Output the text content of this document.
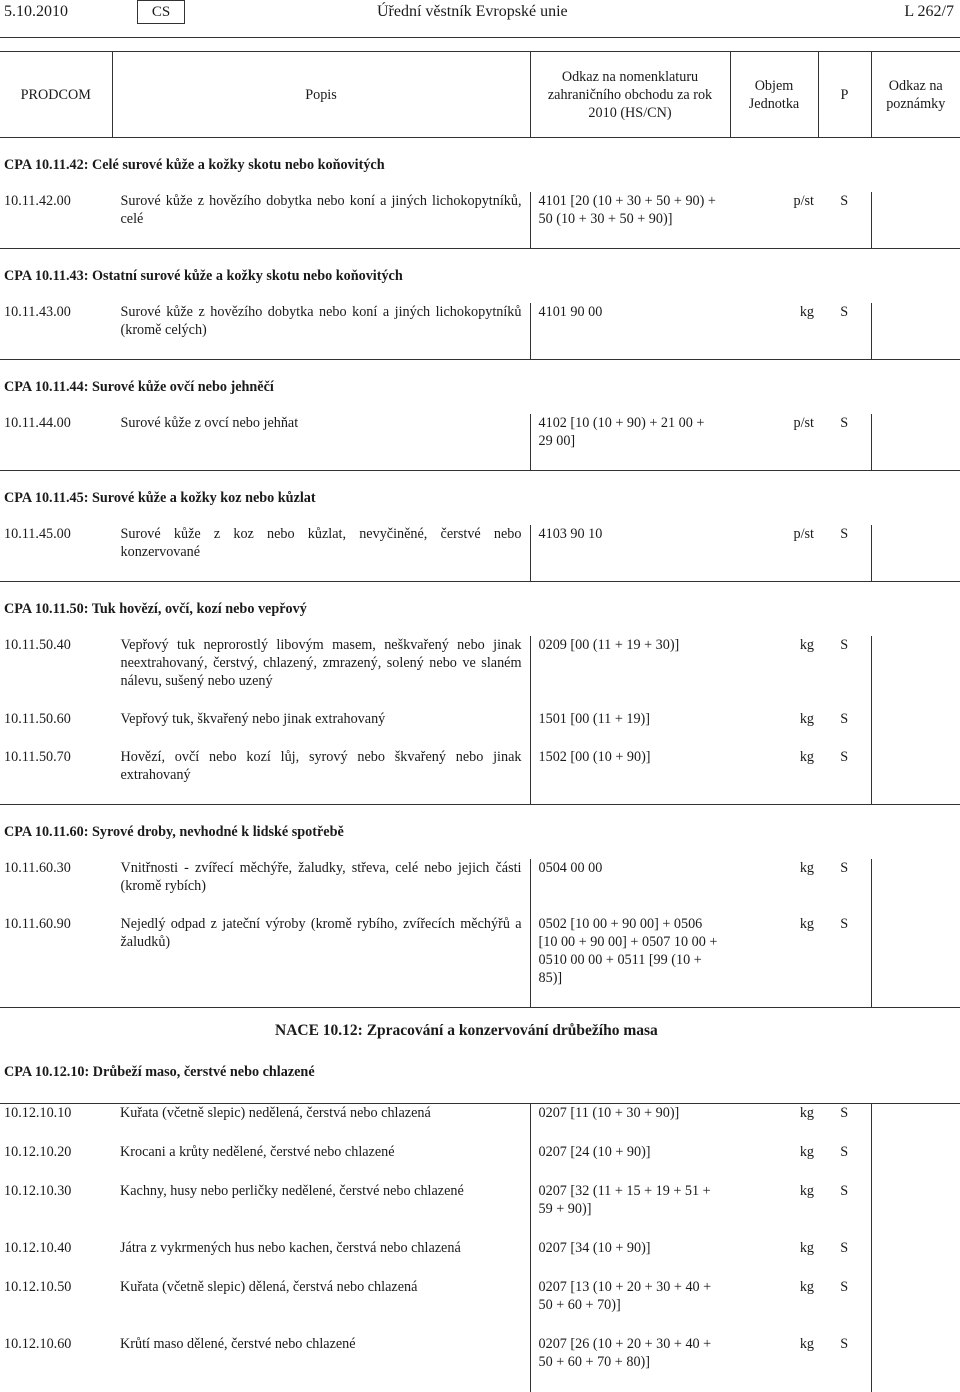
5.10.2010	CS	Úřední věstník Evropské unie	L 262/7
PRODCOM	Popis	Odkaz na nomenklaturu zahraničního obchodu za rok 2010 (HS/CN)	Objem Jednotka	P	Odkaz na poznámky
CPA 10.11.42: Celé surové kůže a kožky skotu nebo koňovitých					
10.11.42.00	Surové kůže z hovězího dobytka nebo koní a jiných lichokopytníků, celé	4101 [20 (10 + 30 + 50 + 90) + 50 (10 + 30 + 50 + 90)]	p/st	S	

CPA 10.11.43: Ostatní surové kůže a kožky skotu nebo koňovitých					
10.11.43.00	Surové kůže z hovězího dobytka nebo koní a jiných lichokopytníků (kromě celých)	4101 90 00	kg	S	

CPA 10.11.44: Surové kůže ovčí nebo jehněčí					
10.11.44.00	Surové kůže z ovcí nebo jehňat	4102 [10 (10 + 90) + 21 00 + 29 00]	p/st	S	

CPA 10.11.45: Surové kůže a kožky koz nebo kůzlat					
10.11.45.00	Surové kůže z koz nebo kůzlat, nevyčiněné, čerstvé nebo konzervované	4103 90 10	p/st	S	

CPA 10.11.50: Tuk hovězí, ovčí, kozí nebo vepřový					
10.11.50.40	Vepřový tuk neprorostlý libovým masem, neškvařený nebo jinak neextrahovaný, čerstvý, chlazený, zmrazený, solený nebo ve slaném nálevu, sušený nebo uzený	0209 [00 (11 + 19 + 30)]	kg	S	
10.11.50.60	Vepřový tuk, škvařený nebo jinak extrahovaný	1501 [00 (11 + 19)]	kg	S	
10.11.50.70	Hovězí, ovčí nebo kozí lůj, syrový nebo škvařený nebo jinak extrahovaný	1502 [00 (10 + 90)]	kg	S	

CPA 10.11.60: Syrové droby, nevhodné k lidské spotřebě					
10.11.60.30	Vnitřnosti - zvířecí měchýře, žaludky, střeva, celé nebo jejich části (kromě rybích)	0504 00 00	kg	S	
10.11.60.90	Nejedlý odpad z jateční výroby (kromě rybího, zvířecích měchýřů a žaludků)	0502 [10 00 + 90 00] + 0506 [10 00 + 90 00] + 0507 10 00 + 0510 00 00 + 0511 [99 (10 + 85)]	kg	S	

NACE 10.12: Zpracování a konzervování drůbežího masa
CPA 10.12.10: Drůbeží maso, čerstvé nebo chlazené					
10.12.10.10	Kuřata (včetně slepic) nedělená, čerstvá nebo chlazená	0207 [11 (10 + 30 + 90)]	kg	S	
10.12.10.20	Krocani a krůty nedělené, čerstvé nebo chlazené	0207 [24 (10 + 90)]	kg	S	
10.12.10.30	Kachny, husy nebo perličky nedělené, čerstvé nebo chlazené	0207 [32 (11 + 15 + 19 + 51 + 59 + 90)]	kg	S	
10.12.10.40	Játra z vykrmených hus nebo kachen, čerstvá nebo chlazená	0207 [34 (10 + 90)]	kg	S	
10.12.10.50	Kuřata (včetně slepic) dělená, čerstvá nebo chlazená	0207 [13 (10 + 20 + 30 + 40 + 50 + 60 + 70)]	kg	S	
10.12.10.60	Krůtí maso dělené, čerstvé nebo chlazené	0207 [26 (10 + 20 + 30 + 40 + 50 + 60 + 70 + 80)]	kg	S	
